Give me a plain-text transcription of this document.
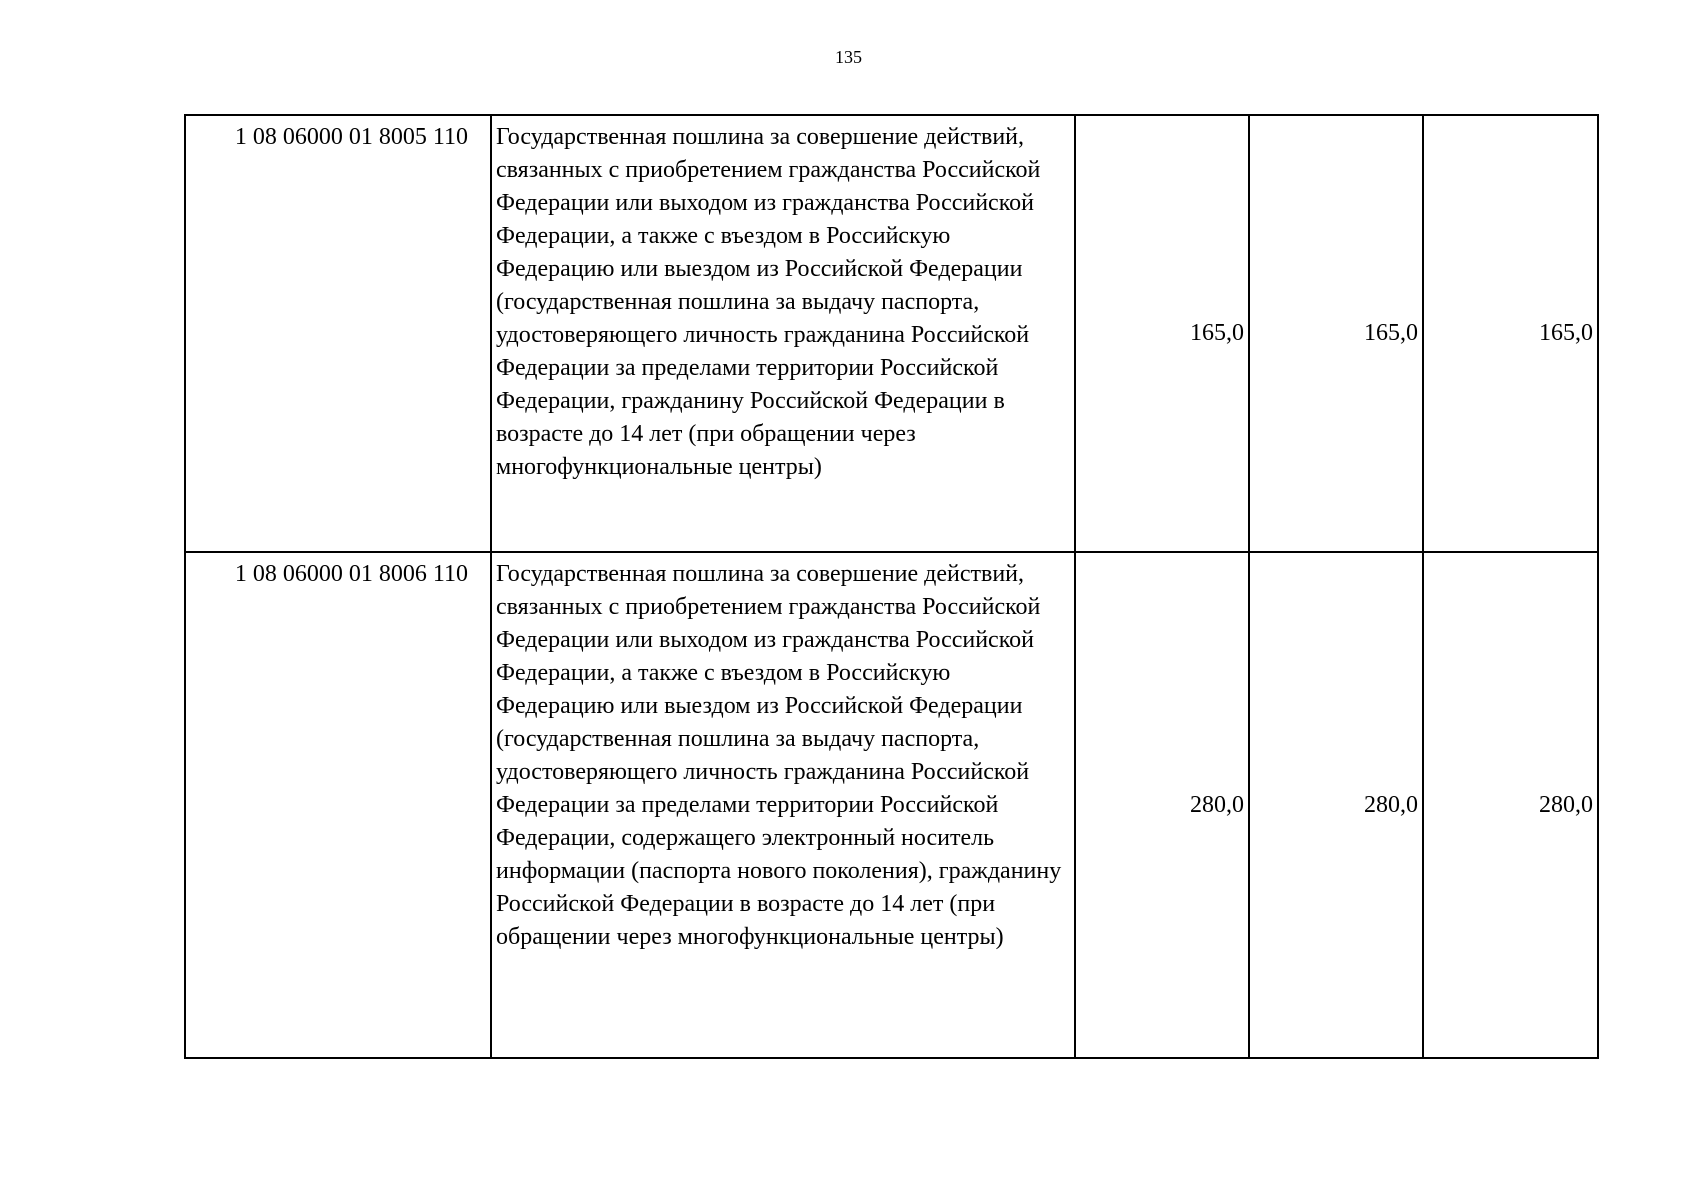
135
1 08 06000 01 8005 110	Государственная пошлина за совершение действий, связанных с приобретением гражданства Российской Федерации или выходом из гражданства Российской Федерации, а также с въездом в Российскую Федерацию или выездом из Российской Федерации (государственная пошлина за выдачу паспорта, удостоверяющего личность гражданина Российской Федерации за пределами территории Российской Федерации, гражданину Российской Федерации в возрасте до 14 лет (при обращении через многофункциональные центры)	165,0	165,0	165,0
1 08 06000 01 8006 110	Государственная пошлина за совершение действий, связанных с приобретением гражданства Российской Федерации или выходом из гражданства Российской Федерации, а также с въездом в Российскую Федерацию или выездом из Российской Федерации (государственная пошлина за выдачу паспорта, удостоверяющего личность гражданина Российской Федерации за пределами территории Российской Федерации, содержащего электронный носитель информации (паспорта нового поколения), гражданину Российской Федерации в возрасте до 14 лет (при обращении через многофункциональные центры)	280,0	280,0	280,0
